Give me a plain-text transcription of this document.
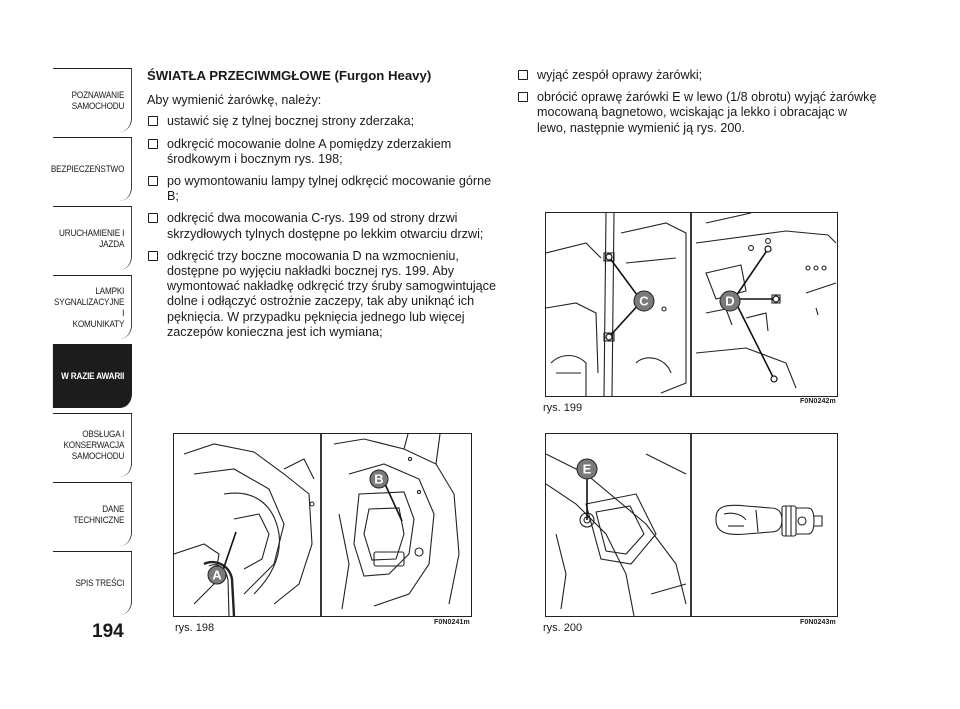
POZNAWANIE
SAMOCHODU
BEZPIECZEŃSTWO
URUCHAMIENIE I
JAZDA
LAMPKI
SYGNALIZACYJNE I
KOMUNIKATY
W RAZIE AWARII
OBSŁUGA I
KONSERWACJA
SAMOCHODU
DANE TECHNICZNE
SPIS TREŚCI
194
ŚWIATŁA PRZECIWMGŁOWE (Furgon Heavy)

Aby wymienić żarówkę, należy:

ustawić się z tylnej bocznej strony zderzaka;
odkręcić mocowanie dolne A pomiędzy zderzakiem środkowym i bocznym rys. 198;
po wymontowaniu lampy tylnej odkręcić mocowanie górne B;
odkręcić dwa mocowania C-rys. 199 od strony drzwi skrzydłowych tylnych dostępne po lekkim otwarciu drzwi;
odkręcić trzy boczne mocowania D na wzmocnieniu, dostępne po wyjęciu nakładki bocznej rys. 199. Aby wymontować nakładkę odkręcić trzy śruby samogwintujące dolne i odłączyć ostrożnie zaczepy, tak aby uniknąć ich pęknięcia. W przypadku pęknięcia jednego lub więcej zaczepów konieczna jest ich wymiana;
wyjąć zespół oprawy żarówki;
obrócić oprawę żarówki E w lewo (1/8 obrotu) wyjąć żarówkę mocowaną bagnetowo, wciskając ja lekko i obracając w lewo, następnie wymienić ją rys. 200.
A
B
rys. 198	F0N0241m
C	D
rys. 199
F0N0242m
E
rys. 200	F0N0243m
